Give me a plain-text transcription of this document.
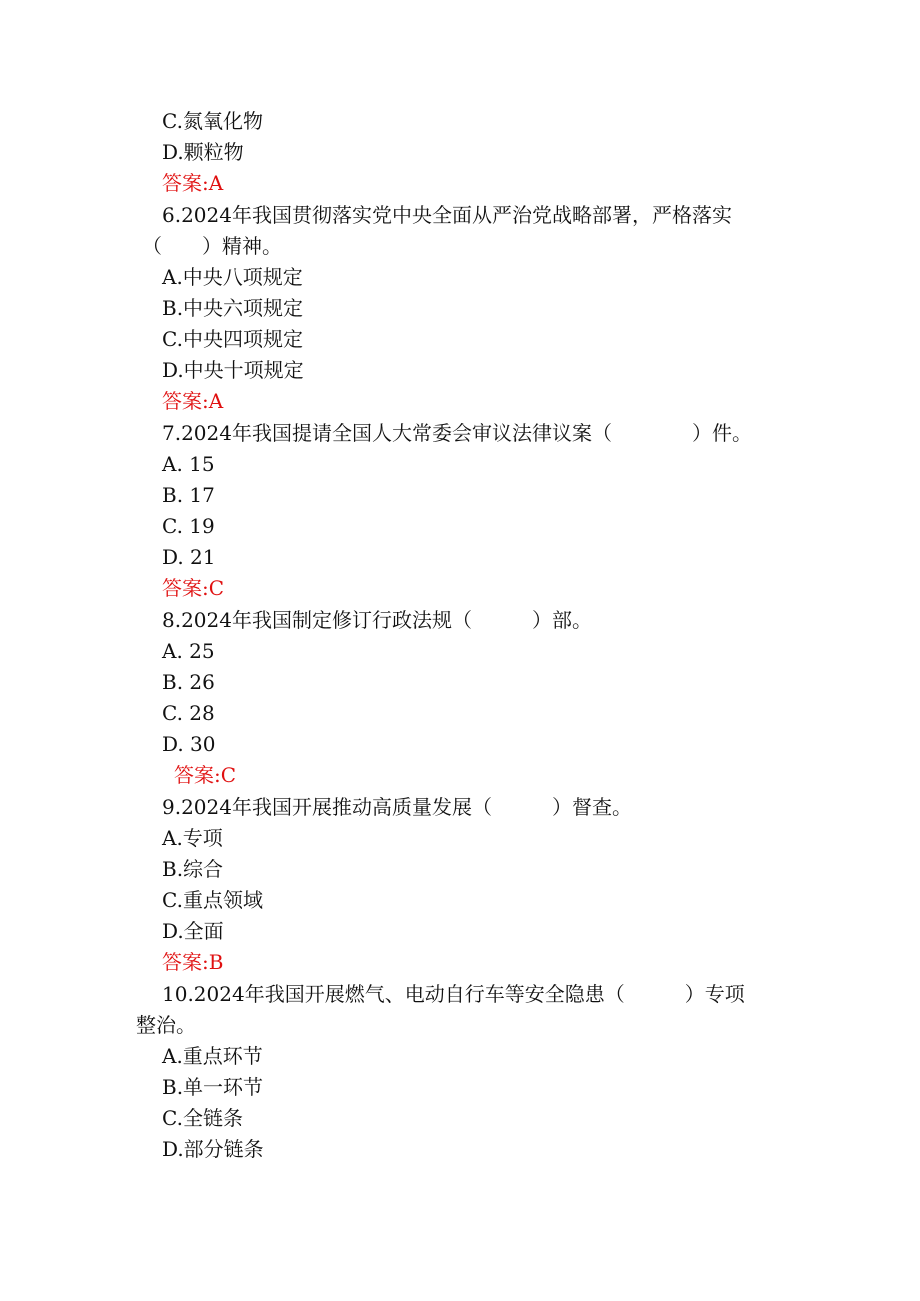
C.氮氧化物

D.颗粒物

答案:A

6.2024年我国贯彻落实党中央全面从严治党战略部署，严格落实

（　　）精神。

A.中央八项规定

B.中央六项规定

C.中央四项规定

D.中央十项规定

答案:A

7.2024年我国提请全国人大常委会审议法律议案（　　　　）件。

A. 15

B. 17

C. 19

D. 21

答案:C

8.2024年我国制定修订行政法规（　　　）部。

A. 25

B. 26

C. 28

D. 30

答案:C

9.2024年我国开展推动高质量发展（　　　）督查。

A.专项

B.综合

C.重点领域

D.全面

答案:B

10.2024年我国开展燃气、电动自行车等安全隐患（　　　）专项

整治。

A.重点环节

B.单一环节

C.全链条

D.部分链条
